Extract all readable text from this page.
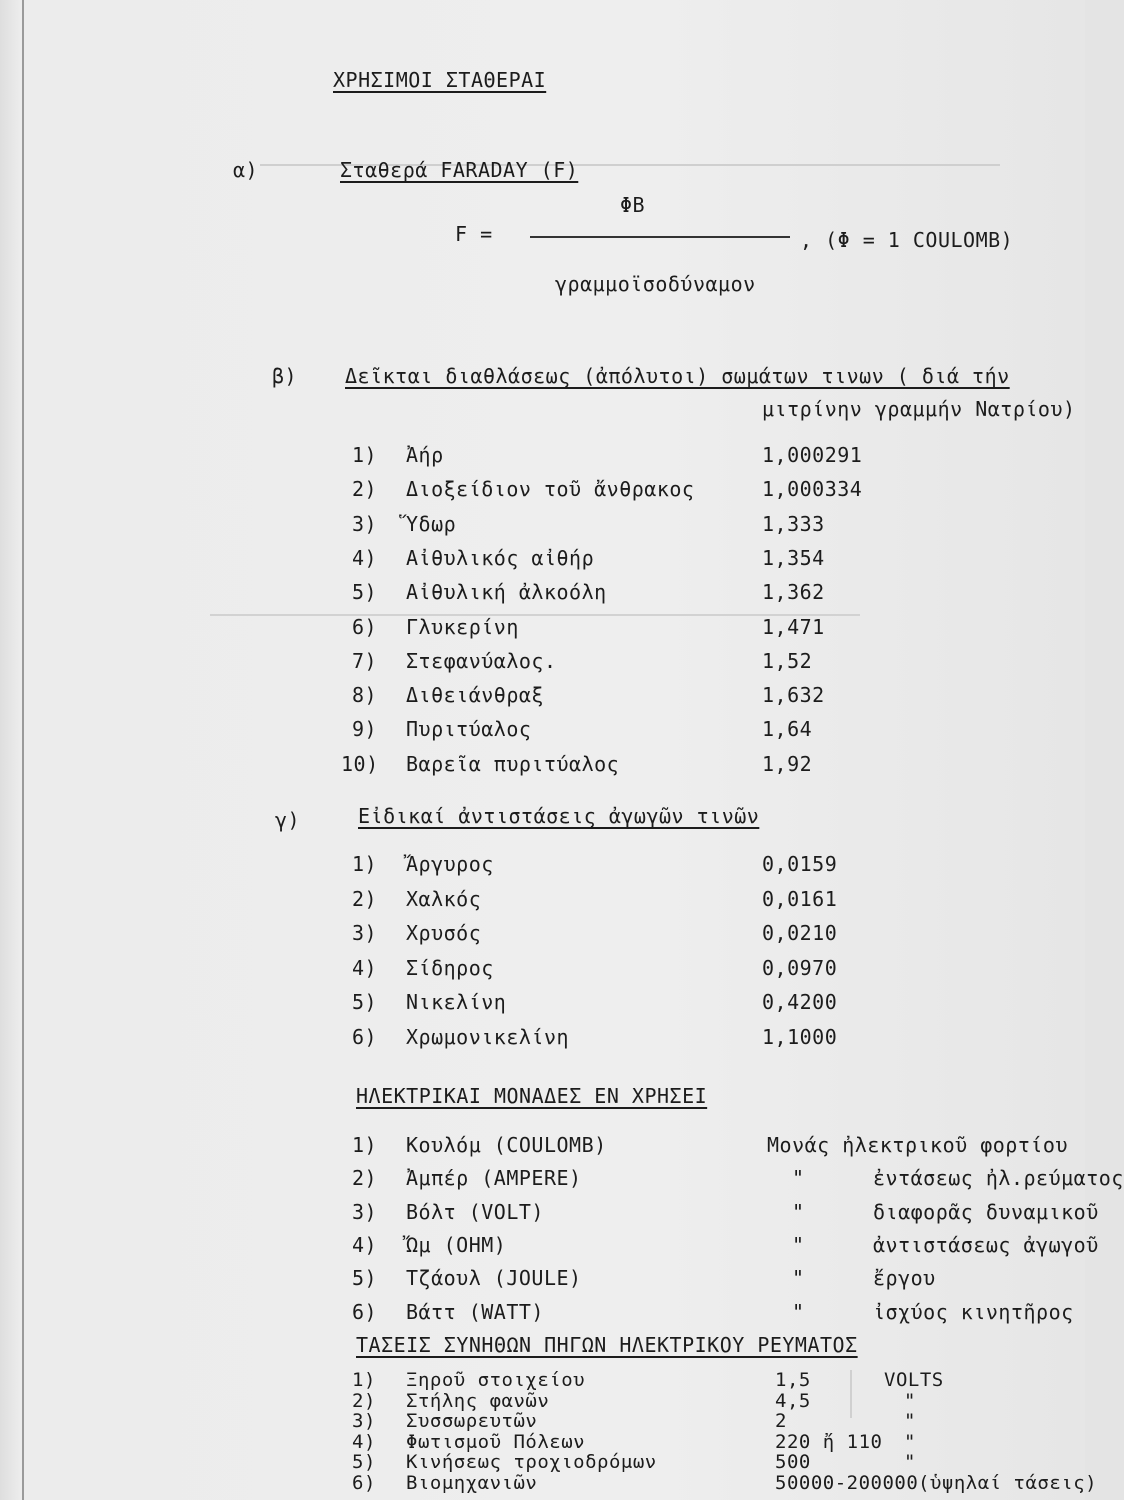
ΧΡΗΣΙΜΟΙ ΣΤΑΘΕΡΑΙ
α)	Σταθερά FARADAY (F)
ΦΒ
F =	, (Φ = 1 COULOMB)
γραμμοϊσοδύναμον
β) Δεῖκται διαθλάσεως (ἀπόλυτοι) σωμάτων τινων ( διά τήν
μιτρίνην γραμμήν Νατρίου)
1) Ἀήρ	1,000291
2) Διοξείδιον τοῦ ἄνθρακος	1,000334
3) Ὕδωρ	1,333
4) Αἰθυλικός αἰθήρ	1,354
5) Αἰθυλική ἀλκοόλη	1,362
6) Γλυκερίνη	1,471
7) Στεφανύαλος.	1,52
8) Διθειάνθραξ	1,632
9) Πυριτύαλος	1,64
10) Βαρεῖα πυριτύαλος	1,92
γ)	Εἰδικαί ἀντιστάσεις ἀγωγῶν τινῶν
1) Ἄργυρος	0,0159
2) Χαλκός	0,0161
3) Χρυσός	0,0210
4) Σίδηρος	0,0970
5) Νικελίνη	0,4200
6) Χρωμονικελίνη	1,1000
ΗΛΕΚΤΡΙΚΑΙ ΜΟΝΑΔΕΣ ΕΝ ΧΡΗΣΕΙ
1) Κουλόμ (COULOMB)	Μονάς ἠλεκτρικοῦ φορτίου
2) Ἀμπέρ (AMPERE)	"	ἐντάσεως ἠλ.ρεύματος
3) Βόλτ (VOLT)	"	διαφορᾶς δυναμικοῦ
4) Ὤμ (OHM)	"	ἀντιστάσεως ἀγωγοῦ
5) Τζάουλ (JOULE)	"	ἔργου
6) Βάττ (WATT)	"	ἰσχύος κινητῆρος
ΤΑΣΕΙΣ ΣΥΝΗΘΩΝ ΠΗΓΩΝ ΗΛΕΚΤΡΙΚΟΥ ΡΕΥΜΑΤΟΣ
1) Ξηροῦ στοιχείου	1,5	VOLTS
2) Στήλης φανῶν	4,5	"
3) Συσσωρευτῶν	2	"
4) Φωτισμοῦ Πόλεων	220 ἤ 110 "
5) Κινήσεως τροχιοδρόμων	500	"
6) Βιομηχανιῶν	50000-200000 (ὑψηλαί τάσεις)
